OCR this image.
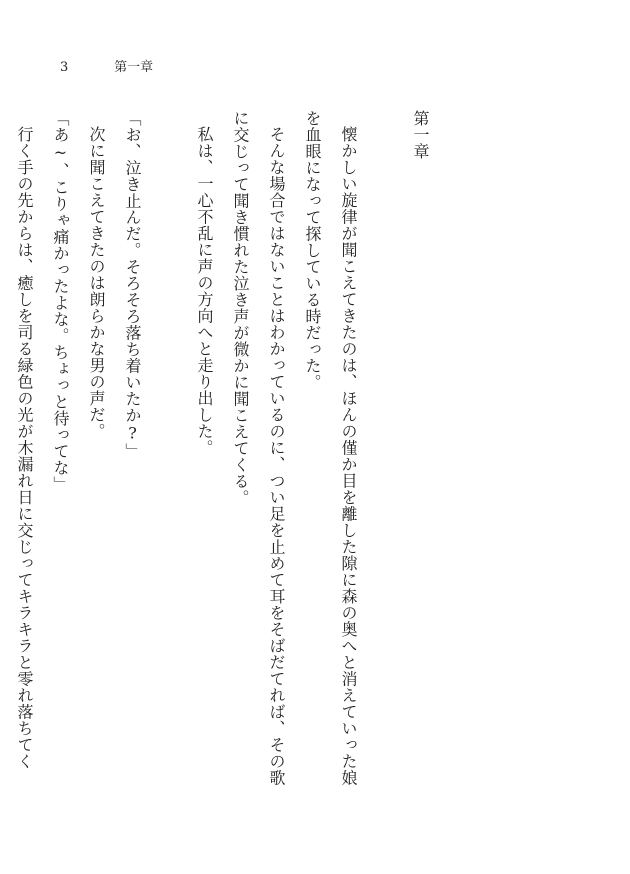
3	第一章

第一章

懐かしい旋律が聞こえてきたのは、ほんの僅か目を離した隙に森の奥へと消えていった娘を血眼になって探している時だった。

そんな場合ではないことはわかっているのに、つい足を止めて耳をそばだてれば、その歌に交じって聞き慣れた泣き声が微かに聞こえてくる。

私は、一心不乱に声の方向へと走り出した。

「お、泣き止んだ。そろそろ落ち着いたか?」

次に聞こえてきたのは朗らかな男の声だ。

「あ~、こりゃ痛かったよな。ちょっと待ってな」

行く手の先からは、癒しを司る緑色の光が木漏れ日に交じってキラキラと零れ落ちてく
